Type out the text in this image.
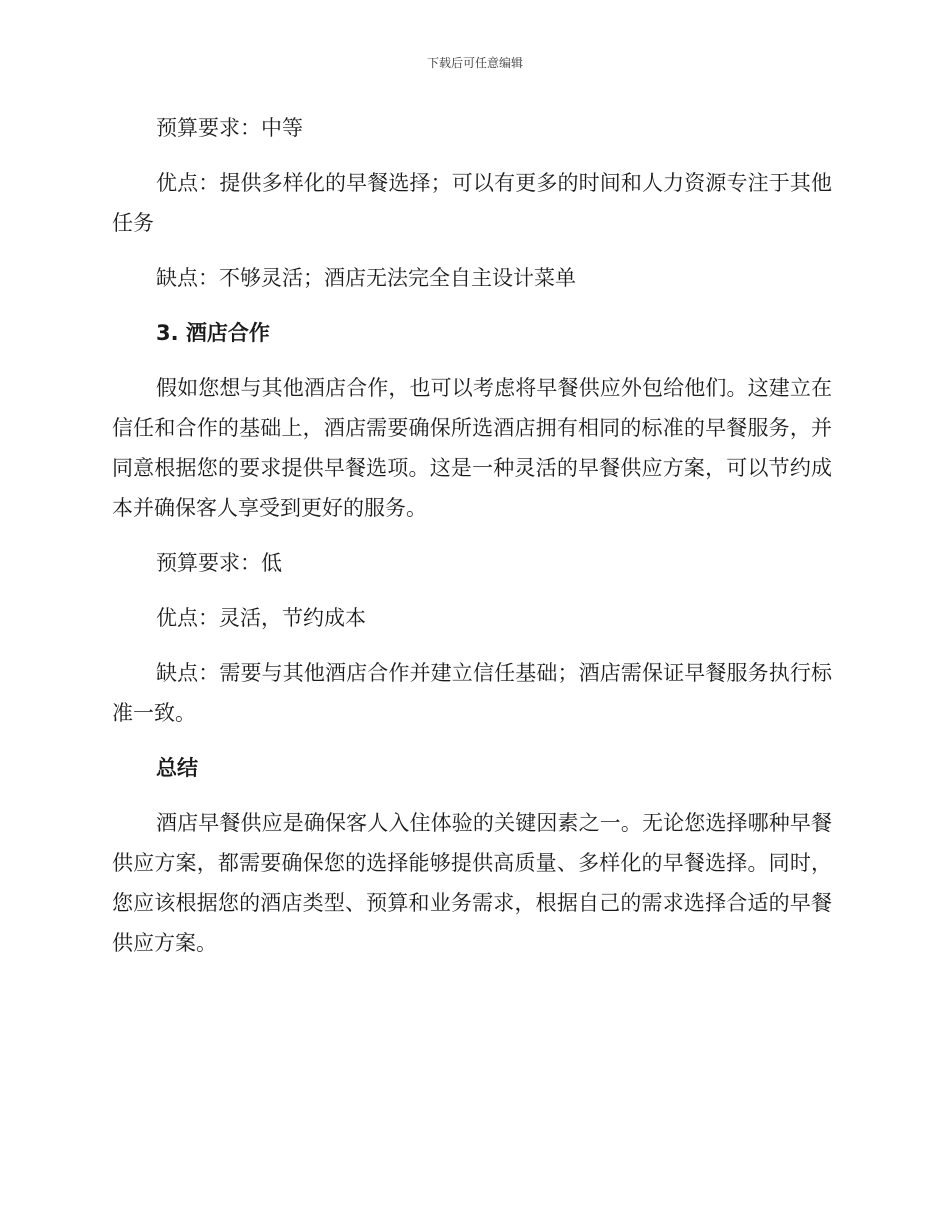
下载后可任意编辑

预算要求：中等

优点：提供多样化的早餐选择；可以有更多的时间和人力资源专注于其他任务

缺点：不够灵活；酒店无法完全自主设计菜单

3. 酒店合作

假如您想与其他酒店合作，也可以考虑将早餐供应外包给他们。这建立在信任和合作的基础上，酒店需要确保所选酒店拥有相同的标准的早餐服务，并同意根据您的要求提供早餐选项。这是一种灵活的早餐供应方案，可以节约成本并确保客人享受到更好的服务。

预算要求：低

优点：灵活，节约成本

缺点：需要与其他酒店合作并建立信任基础；酒店需保证早餐服务执行标准一致。

总结

酒店早餐供应是确保客人入住体验的关键因素之一。无论您选择哪种早餐供应方案，都需要确保您的选择能够提供高质量、多样化的早餐选择。同时，您应该根据您的酒店类型、预算和业务需求，根据自己的需求选择合适的早餐供应方案。
